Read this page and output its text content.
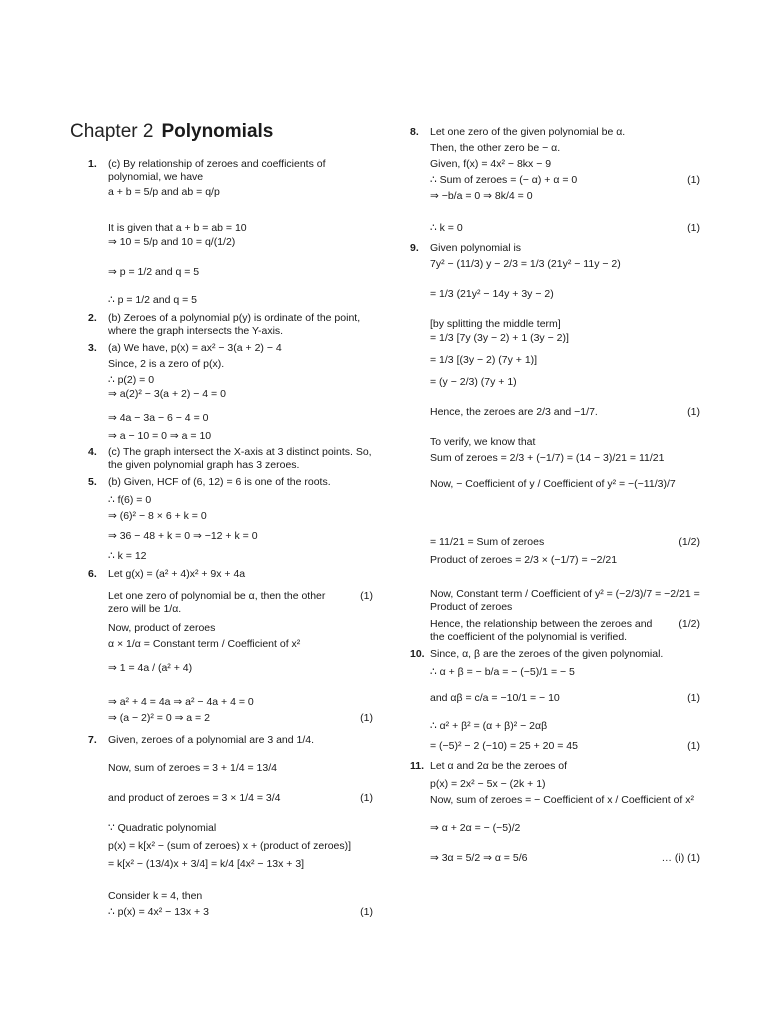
Chapter 2 Polynomials
1. (c) By relationship of zeroes and coefficients of polynomial, we have
a + b = 5/p and ab = q/p
It is given that a + b = ab = 10
⇒ 10 = 5/p and 10 = q/(1/2)
⇒ p = 1/2 and q = 5
∴ p = 1/2 and q = 5
2. (b) Zeroes of a polynomial p(y) is ordinate of the point, where the graph intersects the Y-axis.
3. (a) We have, p(x) = ax² − 3(a + 2) − 4
Since, 2 is a zero of p(x).
∴ p(2) = 0
⇒ a(2)² − 3(a + 2) − 4 = 0
⇒ 4a − 3a − 6 − 4 = 0
⇒ a − 10 = 0 ⇒ a = 10
4. (c) The graph intersect the X-axis at 3 distinct points. So, the given polynomial graph has 3 zeroes.
5. (b) Given, HCF of (6, 12) = 6 is one of the roots.
∴ f(6) = 0
⇒ (6)² − 8 × 6 + k = 0
⇒ 36 − 48 + k = 0 ⇒ −12 + k = 0
∴ k = 12
6. Let g(x) = (a² + 4)x² + 9x + 4a
Let one zero of polynomial be α, then the other zero will be 1/α.
(1)
Now, product of zeroes
α × 1/α = Constant term / Coefficient of x²
⇒ 1 = 4a / (a² + 4)
⇒ a² + 4 = 4a ⇒ a² − 4a + 4 = 0
⇒ (a − 2)² = 0 ⇒ a = 2	(1)
7. Given, zeroes of a polynomial are 3 and 1/4.
Now, sum of zeroes = 3 + 1/4 = 13/4
and product of zeroes = 3 × 1/4 = 3/4	(1)
∵ Quadratic polynomial
p(x) = k[x² − (sum of zeroes) x + (product of zeroes)]
= k[x² − (13/4)x + 3/4] = k/4 [4x² − 13x + 3]
Consider k = 4, then
∴ p(x) = 4x² − 13x + 3	(1)
8. Let one zero of the given polynomial be α.
Then, the other zero be − α.
Given, f(x) = 4x² − 8kx − 9
∴ Sum of zeroes = (− α) + α = 0	(1)
⇒ −b/a = 0 ⇒ 8k/4 = 0
∴ k = 0	(1)
9. Given polynomial is
7y² − (11/3) y − 2/3 = 1/3 (21y² − 11y − 2)
= 1/3 (21y² − 14y + 3y − 2)
[by splitting the middle term]
= 1/3 [7y (3y − 2) + 1 (3y − 2)]
= 1/3 [(3y − 2) (7y + 1)]
= (y − 2/3) (7y + 1)
Hence, the zeroes are 2/3 and −1/7.	(1)
To verify, we know that
Sum of zeroes = 2/3 + (−1/7) = (14 − 3)/21 = 11/21
Now, − Coefficient of y / Coefficient of y² = −(−11/3)/7
= 11/21 = Sum of zeroes	(1/2)
Product of zeroes = 2/3 × (−1/7) = −2/21
Now, Constant term / Coefficient of y² = (−2/3)/7 = −2/21 = Product of zeroes
Hence, the relationship between the zeroes and the coefficient of the polynomial is verified.
(1/2)
10. Since, α, β are the zeroes of the given polynomial.
∴ α + β = − b/a = − (−5)/1 = − 5
and αβ = c/a = −10/1 = − 10	(1)
∴ α² + β² = (α + β)² − 2αβ
= (−5)² − 2 (−10) = 25 + 20 = 45	(1)
11. Let α and 2α be the zeroes of
p(x) = 2x² − 5x − (2k + 1)
Now, sum of zeroes = − Coefficient of x / Coefficient of x²
⇒ α + 2α = − (−5)/2
⇒ 3α = 5/2 ⇒ α = 5/6	… (i) (1)
